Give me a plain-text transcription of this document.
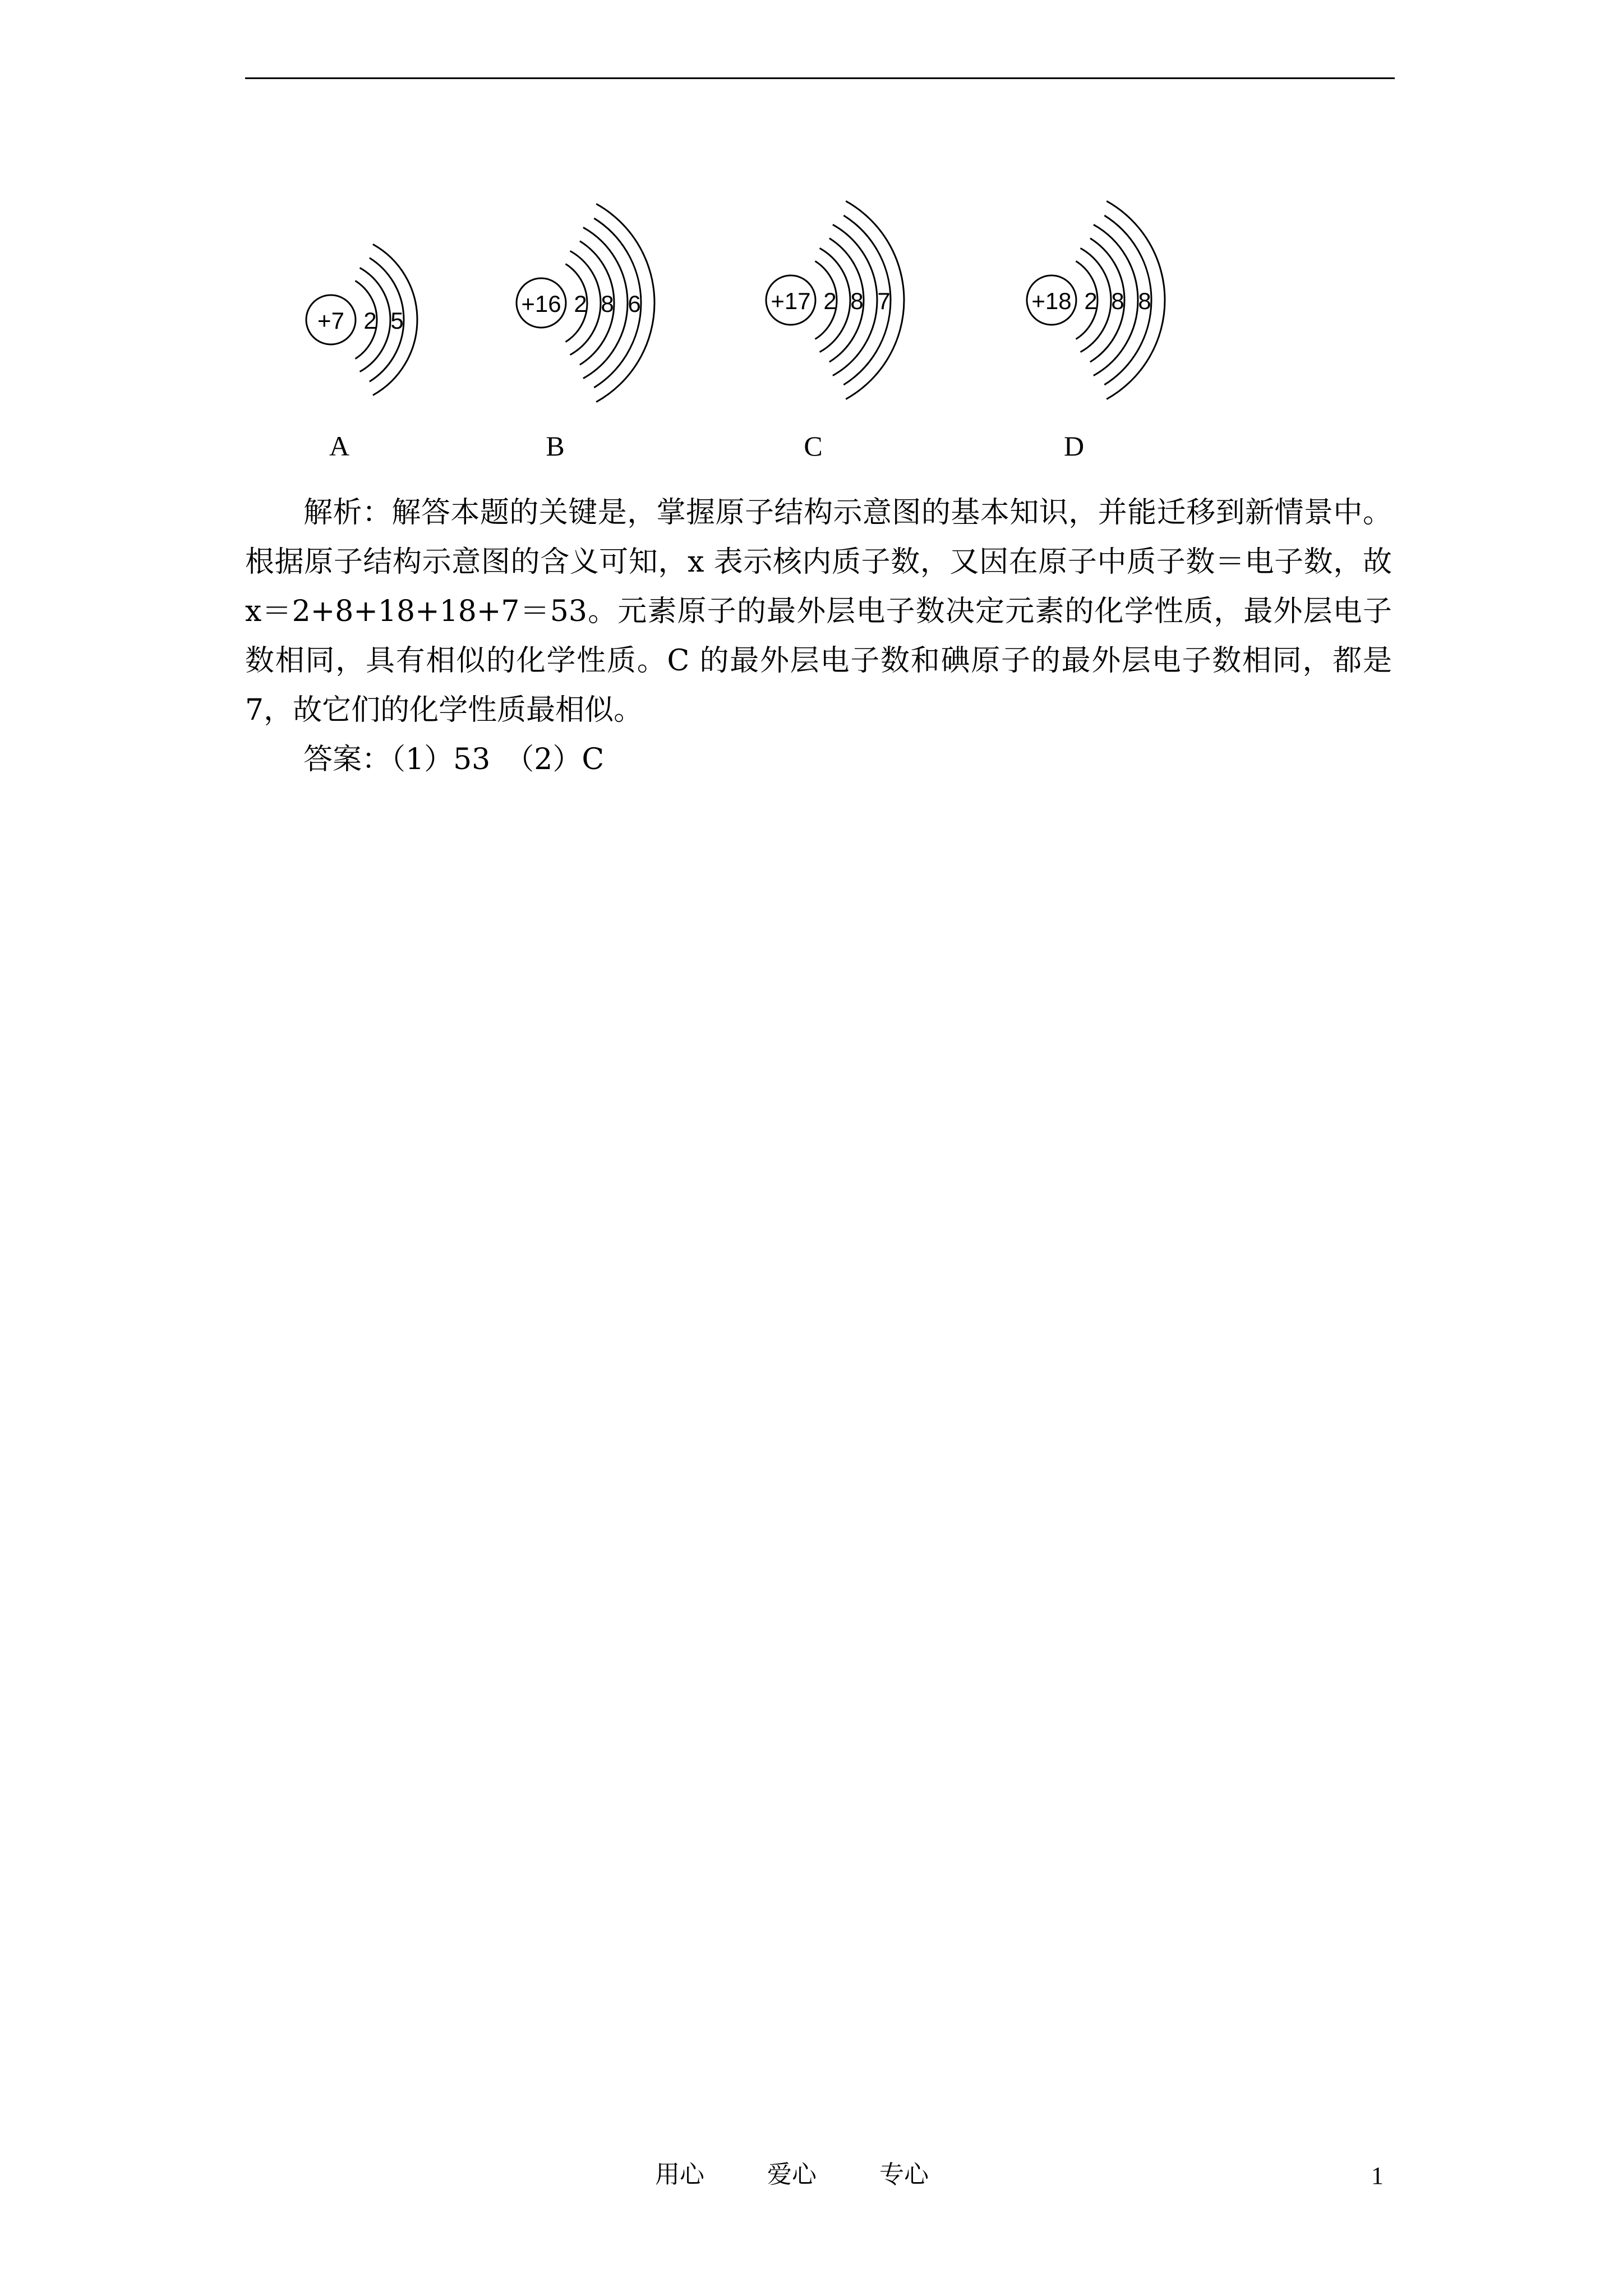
+7 2 5
+16 2 8 6	+17 2 8 7	+18 2 8 8
A	B	C	D

解析：解答本题的关键是，掌握原子结构示意图的基本知识，并能迁移到新情景中。根据原子结构示意图的含义可知，x 表示核内质子数，又因在原子中质子数＝电子数，故 x＝2+8+18+18+7＝53。元素原子的最外层电子数决定元素的化学性质，最外层电子数相同，具有相似的化学性质。C 的最外层电子数和碘原子的最外层电子数相同，都是 7，故它们的化学性质最相似。

答案：（1）53　（2）C

用心	爱心	专心	1
